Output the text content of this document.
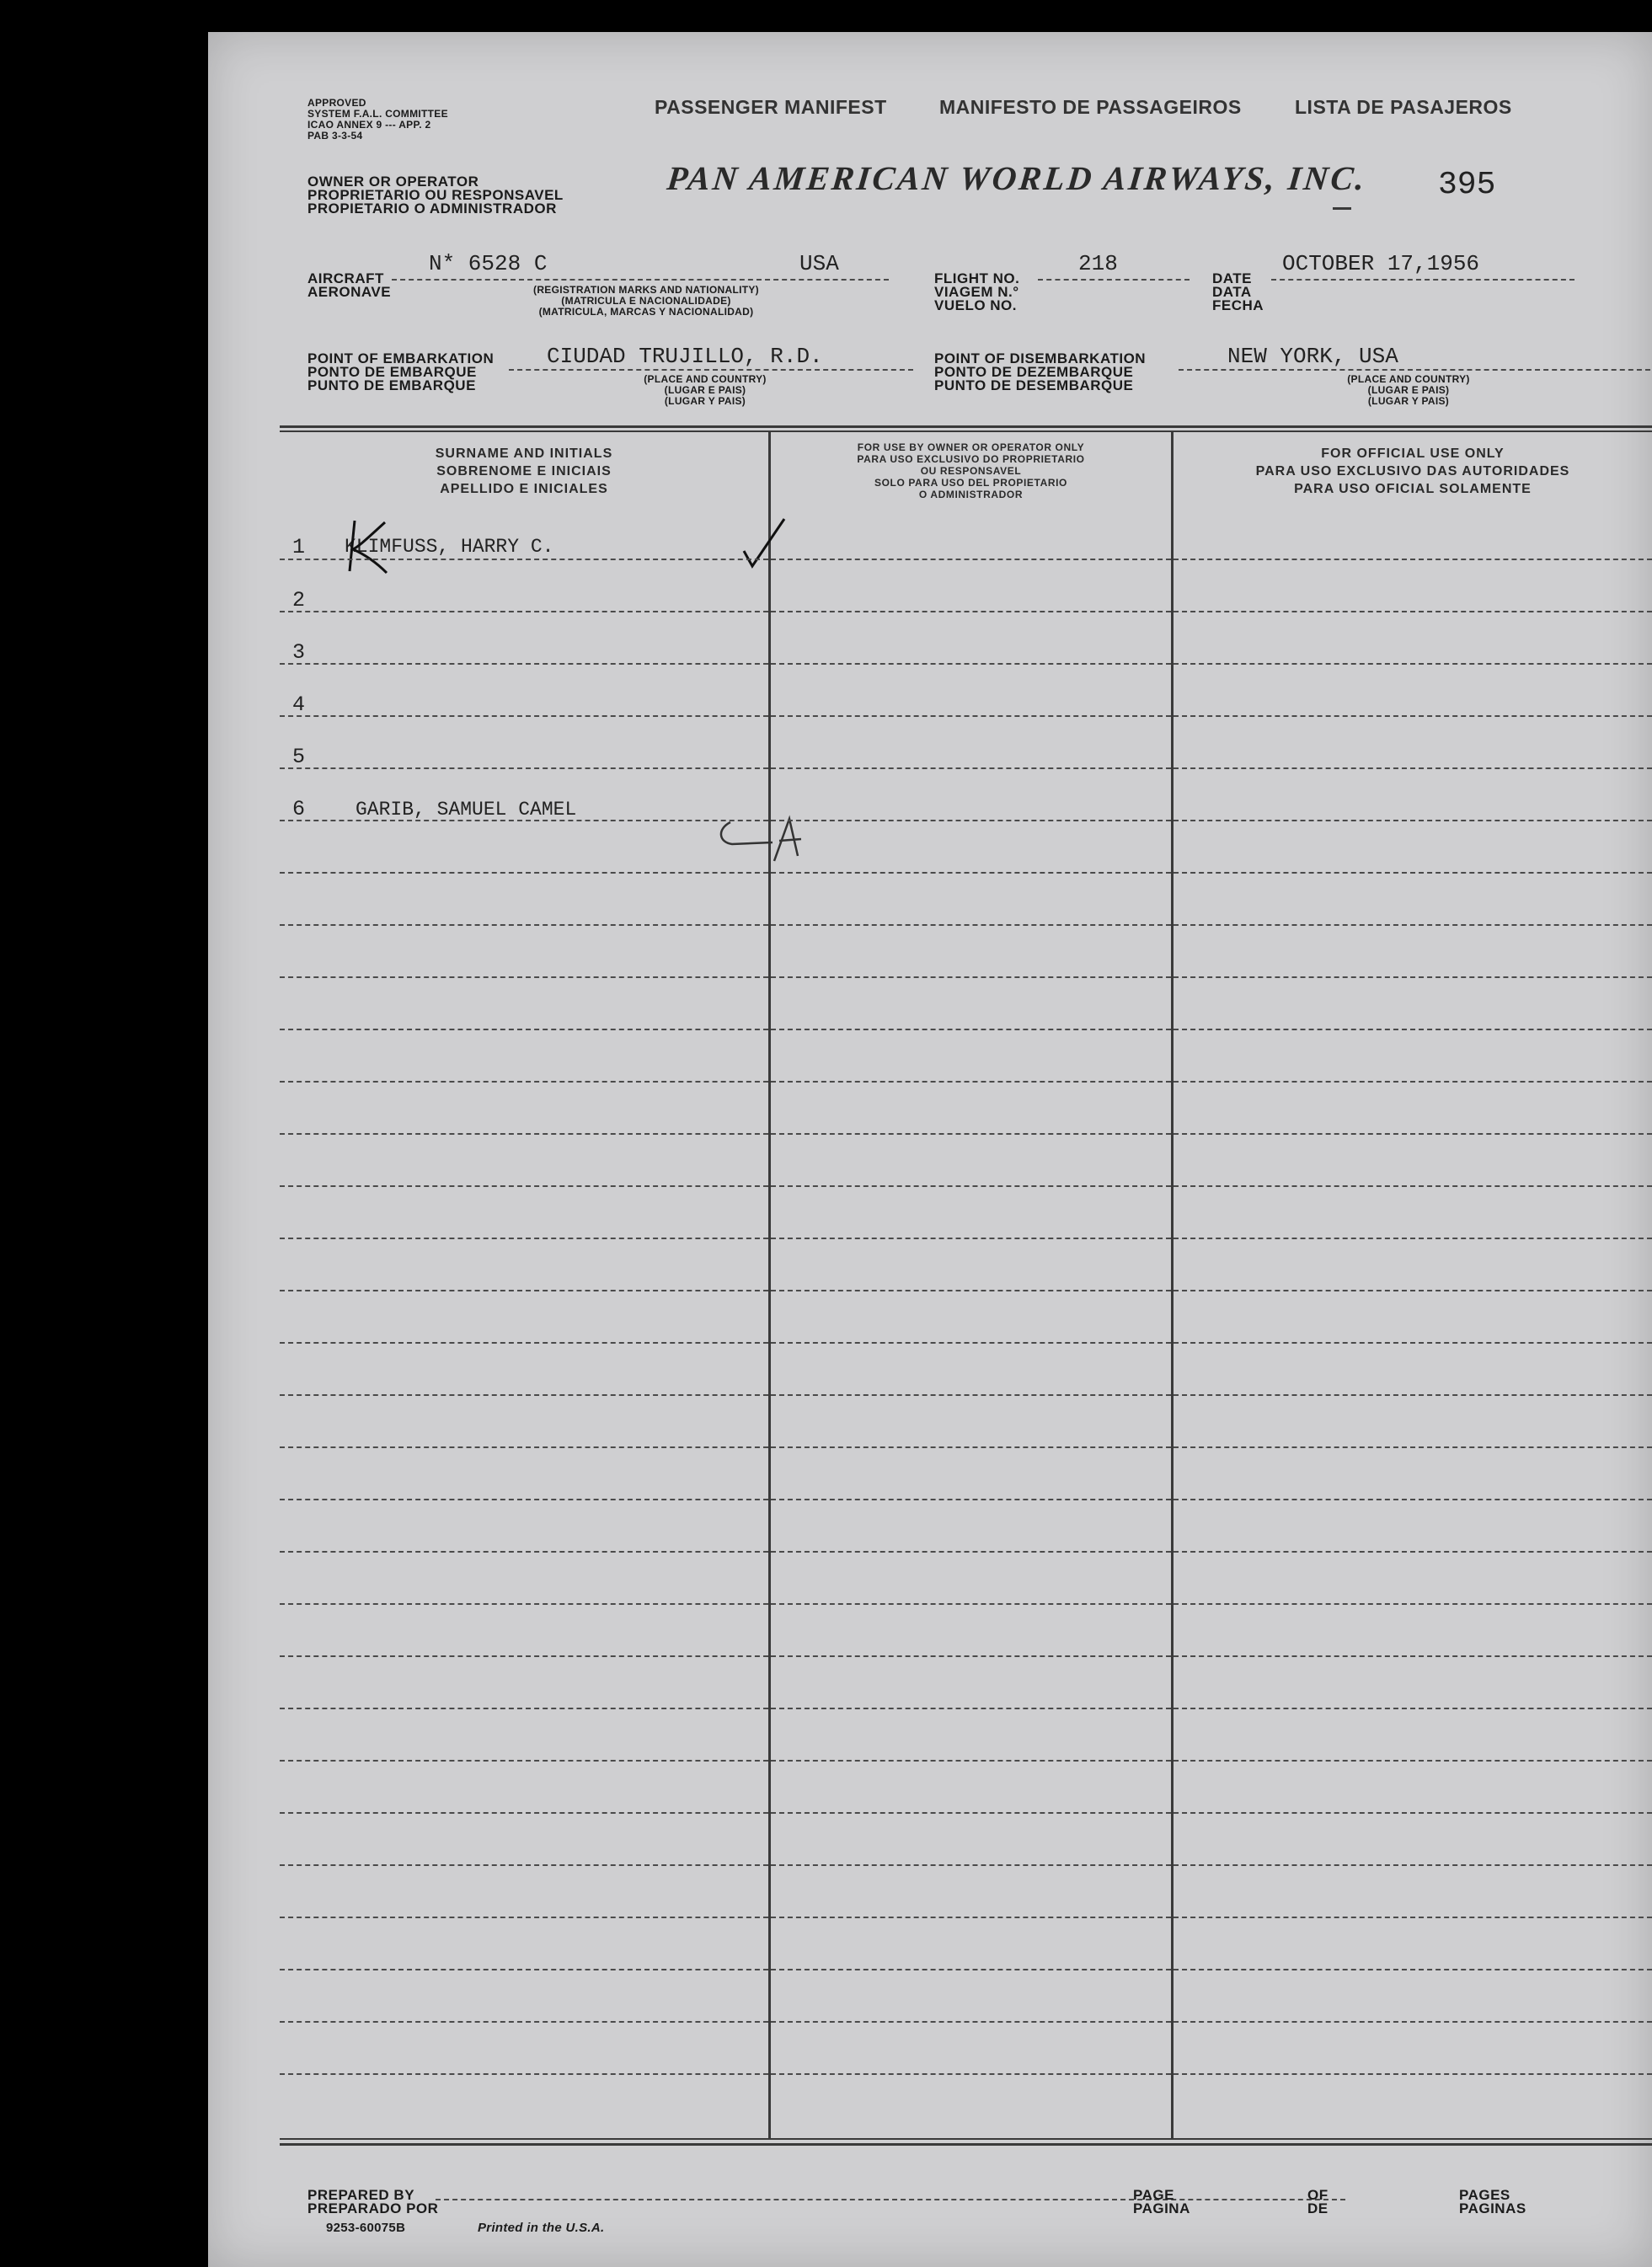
APPROVED
SYSTEM F.A.L. COMMITTEE
ICAO ANNEX 9 --- APP. 2
PAB 3-3-54
PASSENGER MANIFEST	MANIFESTO DE PASSAGEIROS	LISTA DE PASAJEROS
OWNER OR OPERATOR
PROPRIETARIO OU RESPONSAVEL
PROPIETARIO O ADMINISTRADOR
PAN AMERICAN WORLD AIRWAYS, INC. 395
AIRCRAFT
AERONAVE
N* 6528 C	USA
(REGISTRATION MARKS AND NATIONALITY)
(MATRICULA E NACIONALIDADE)
(MATRICULA, MARCAS Y NACIONALIDAD)
FLIGHT NO.
VIAGEM N.°
VUELO NO.
218
DATE
DATA
FECHA
OCTOBER 17,1956
POINT OF EMBARKATION
PONTO DE EMBARQUE
PUNTO DE EMBARQUE
CIUDAD TRUJILLO, R.D.
(PLACE AND COUNTRY)
(LUGAR E PAIS)
(LUGAR Y PAIS)
POINT OF DISEMBARKATION
PONTO DE DEZEMBARQUE
PUNTO DE DESEMBARQUE
NEW YORK, USA
(PLACE AND COUNTRY)
(LUGAR E PAIS)
(LUGAR Y PAIS)
SURNAME AND INITIALS
SOBRENOME E INICIAIS
APELLIDO E INICIALES
FOR USE BY OWNER OR OPERATOR ONLY
PARA USO EXCLUSIVO DO PROPRIETARIO
OU RESPONSAVEL
SOLO PARA USO DEL PROPIETARIO
O ADMINISTRADOR
FOR OFFICIAL USE ONLY
PARA USO EXCLUSIVO DAS AUTORIDADES
PARA USO OFICIAL SOLAMENTE
1 KLIMFUSS, HARRY C.
2
3
4
5
6	GARIB, SAMUEL CAMEL
PREPARED BY
PREPARADO POR
PAGE
PAGINA
OF
DE
PAGES
PAGINAS
9253-60075B	Printed in the U.S.A.
